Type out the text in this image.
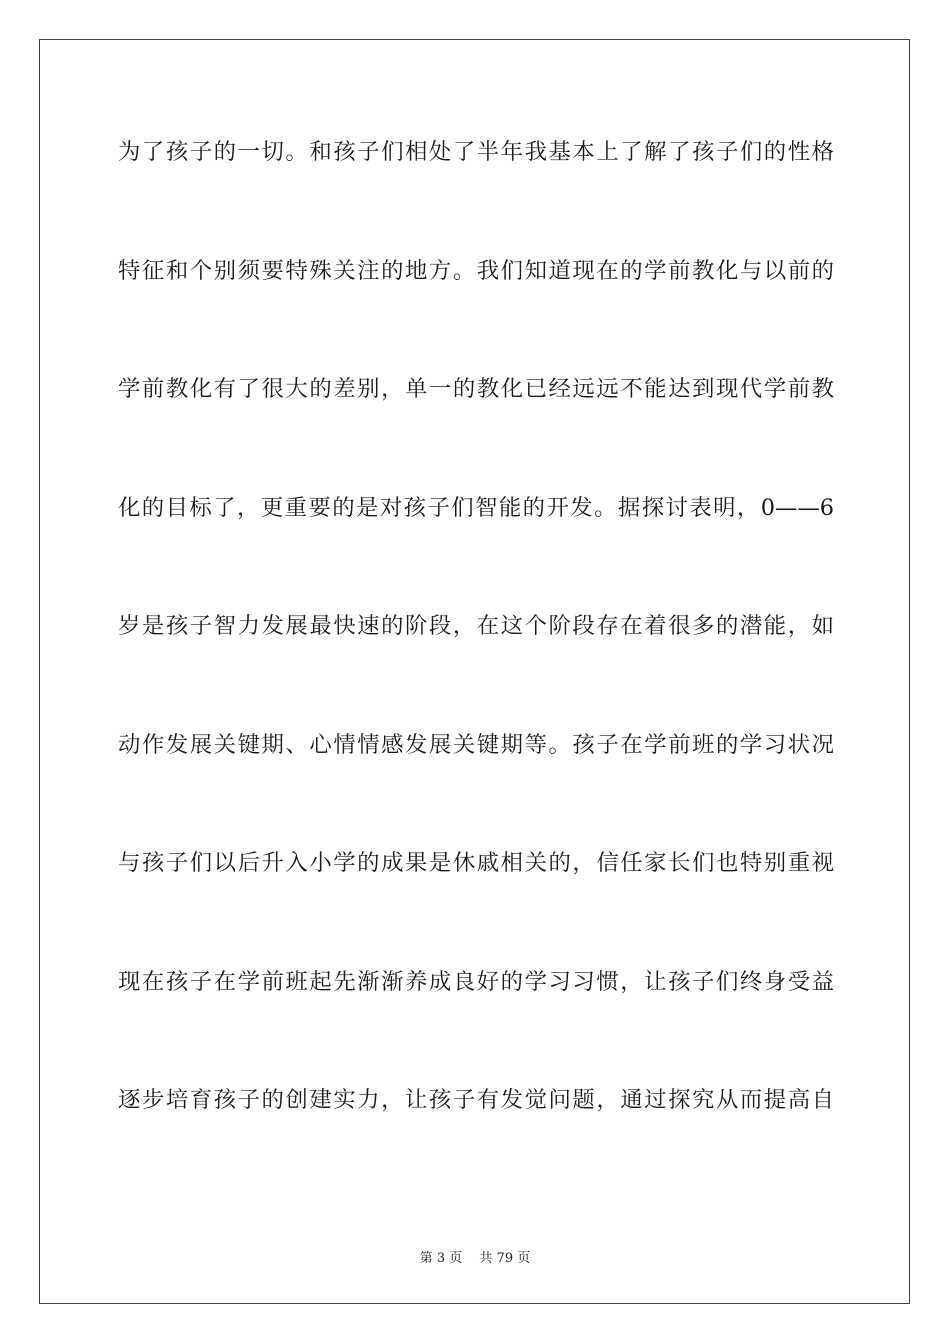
为了孩子的一切。和孩子们相处了半年我基本上了解了孩子们的性格
特征和个别须要特殊关注的地方。我们知道现在的学前教化与以前的
学前教化有了很大的差别，单一的教化已经远远不能达到现代学前教
化的目标了，更重要的是对孩子们智能的开发。据探讨表明，0——6
岁是孩子智力发展最快速的阶段，在这个阶段存在着很多的潜能，如
动作发展关键期、心情情感发展关键期等。孩子在学前班的学习状况
与孩子们以后升入小学的成果是休戚相关的，信任家长们也特别重视
现在孩子在学前班起先渐渐养成良好的学习习惯，让孩子们终身受益
逐步培育孩子的创建实力，让孩子有发觉问题，通过探究从而提高自
第 3 页　 共 79 页
